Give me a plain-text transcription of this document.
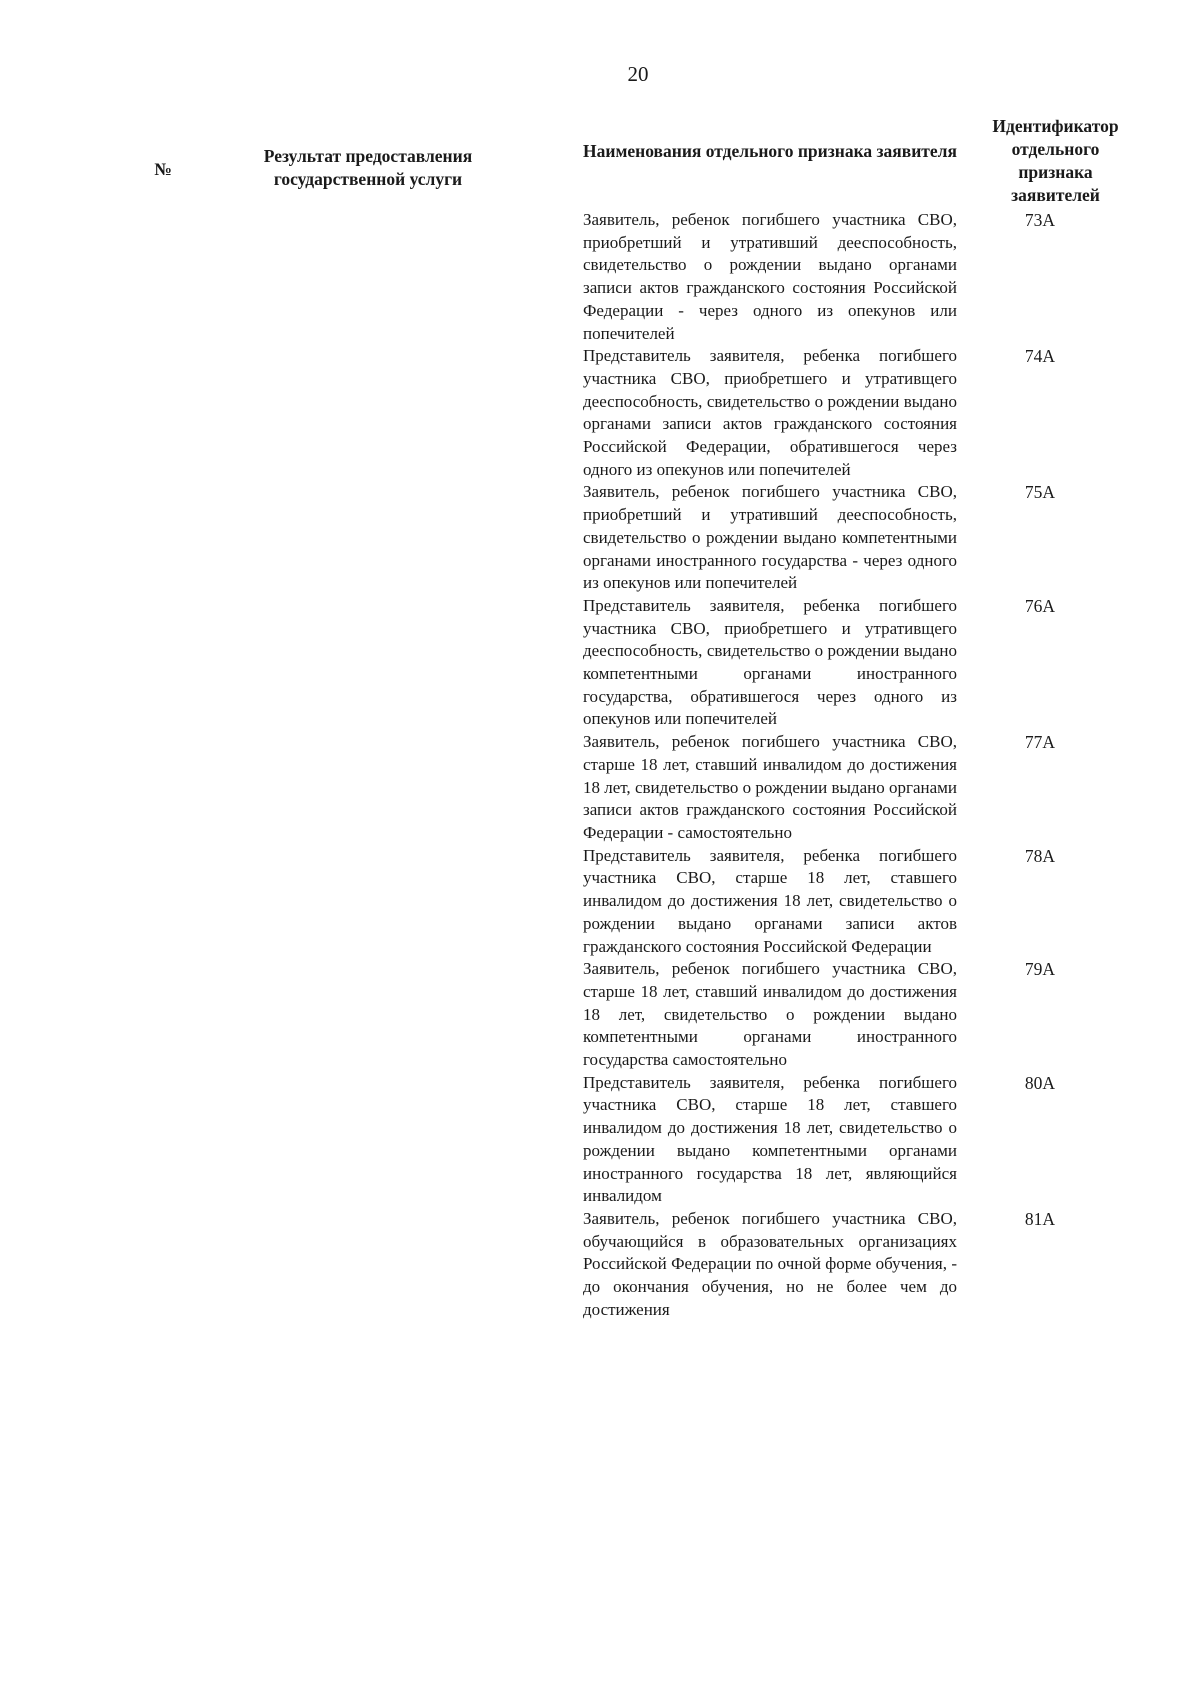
20
№
Результат предоставления государственной услуги
Наименования отдельного признака заявителя
Идентификатор отдельного признака заявителей
Заявитель, ребенок погибшего участника СВО, приобретший и утративший дееспособность, свидетельство о рождении выдано органами записи актов гражданского состояния Российской Федерации - через одного из опекунов или попечителей
73А
Представитель заявителя, ребенка погибшего участника СВО, приобретшего и утративщего дееспособность, свидетельство о рождении выдано органами записи актов гражданского состояния Российской Федерации, обратившегося через одного из опекунов или попечителей
74А
Заявитель, ребенок погибшего участника СВО, приобретший и утративший дееспособность, свидетельство о рождении выдано компетентными органами иностранного государства - через одного из опекунов или попечителей
75А
Представитель заявителя, ребенка погибшего участника СВО, приобретшего и утративщего дееспособность, свидетельство о рождении выдано компетентными органами иностранного государства, обратившегося через одного из опекунов или попечителей
76А
Заявитель, ребенок погибшего участника СВО, старше 18 лет, ставший инвалидом до достижения 18 лет, свидетельство о рождении выдано органами записи актов гражданского состояния Российской Федерации - самостоятельно
77А
Представитель заявителя, ребенка погибшего участника СВО, старше 18 лет, ставшего инвалидом до достижения 18 лет, свидетельство о рождении выдано органами записи актов гражданского состояния Российской Федерации
78А
Заявитель, ребенок погибшего участника СВО, старше 18 лет, ставший инвалидом до достижения 18 лет, свидетельство о рождении выдано компетентными органами иностранного государства самостоятельно
79А
Представитель заявителя, ребенка погибшего участника СВО, старше 18 лет, ставшего инвалидом до достижения 18 лет, свидетельство о рождении выдано компетентными органами иностранного государства 18 лет, являющийся инвалидом
80А
Заявитель, ребенок погибшего участника СВО, обучающийся в образовательных организациях Российской Федерации по очной форме обучения, - до окончания обучения, но не более чем до достижения
81А
